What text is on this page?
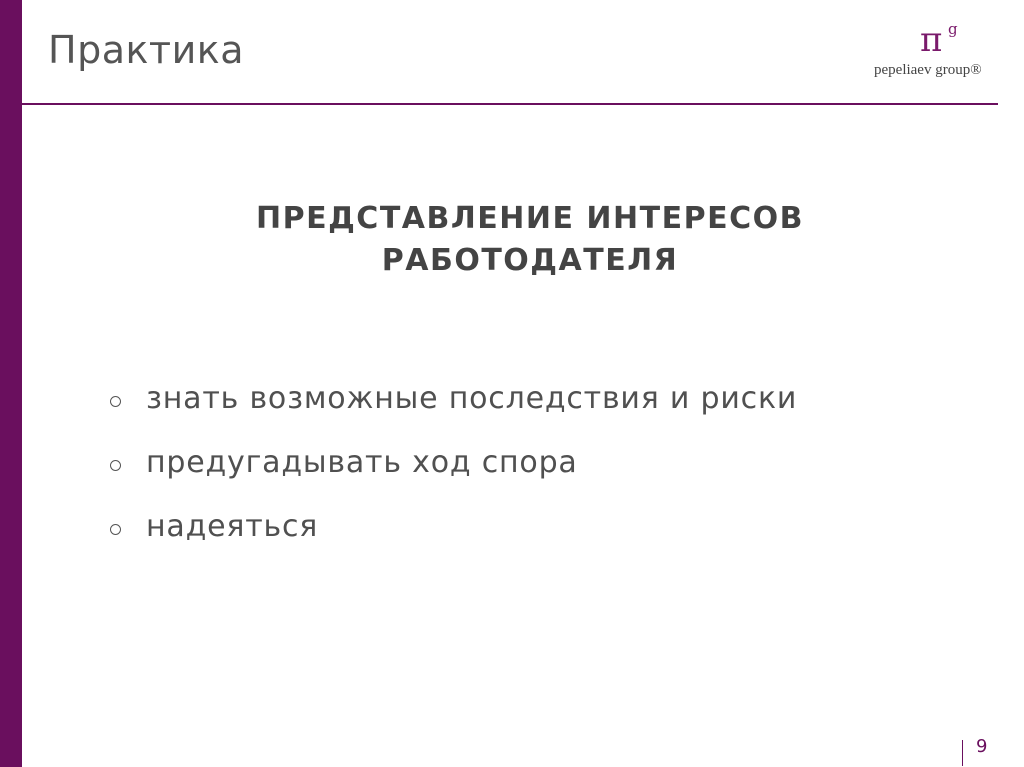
Практика	π g
pepeliaev group®
ПРЕДСТАВЛЕНИЕ ИНТЕРЕСОВ
РАБОТОДАТЕЛЯ
знать возможные последствия и риски
предугадывать ход спора
надеяться
9
